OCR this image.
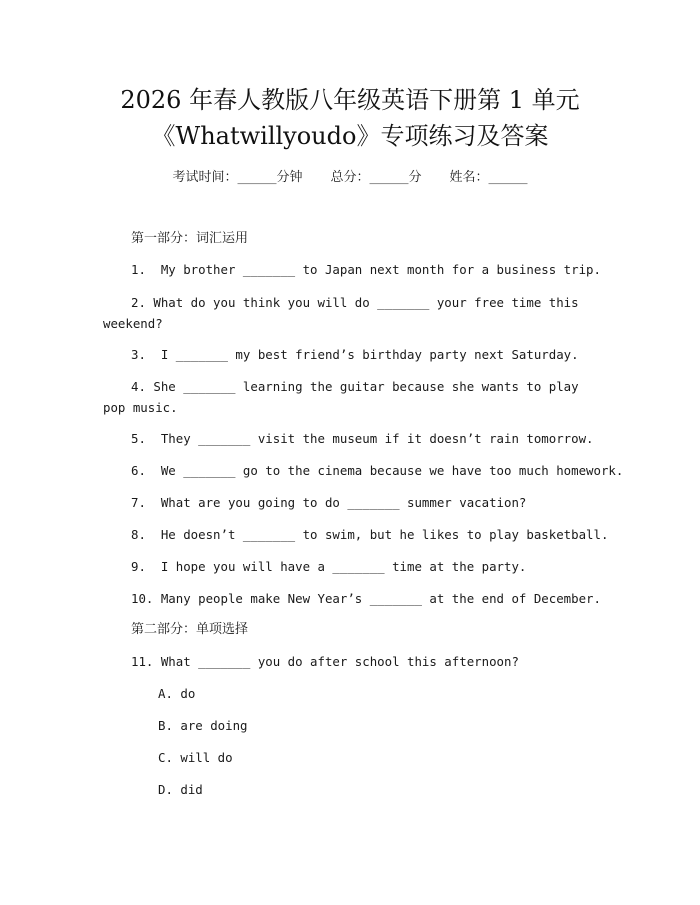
2026 年春人教版八年级英语下册第 1 单元
《Whatwillyoudo》专项练习及答案
考试时间：______分钟 总分：______分 姓名：______
第一部分：词汇运用
1.  My brother _______ to Japan next month for a business trip.
2. What do you think you will do _______ your free time this weekend?
3.  I _______ my best friend’s birthday party next Saturday.
4. She _______ learning the guitar because she wants to play pop music.
5.  They _______ visit the museum if it doesn’t rain tomorrow.
6.  We _______ go to the cinema because we have too much homework.
7.  What are you going to do _______ summer vacation?
8.  He doesn’t _______ to swim, but he likes to play basketball.
9.  I hope you will have a _______ time at the party.
10. Many people make New Year’s _______ at the end of December.
第二部分：单项选择
11. What _______ you do after school this afternoon?
A. do
B. are doing
C. will do
D. did
